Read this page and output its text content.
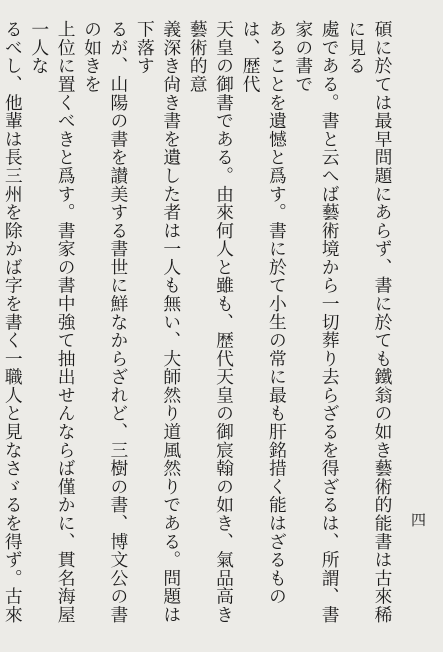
碩に於ては最早問題にあらず、書に於ても鐵翁の如き藝術的能書は古來稀に見る

處である。書と云へば藝術境から一切葬り去らざるを得ざるは、所謂、書家の書で

あることを遺憾と爲す。書に於て小生の常に最も肝銘措く能はざるものは、歴代

天皇の御書である。由來何人と雖も、歴代天皇の御宸翰の如き、氣品高き藝術的意

義深き尙き書を遺した者は一人も無い、大師然り道風然りである。問題は下落す

るが、山陽の書を讃美する書世に鮮なからざれど、三樹の書、博文公の書の如きを

上位に置くべきと爲す。書家の書中強て抽出せんならば僅かに、貫名海屋一人な

るべし、他輩は長三州を除かば字を書く一職人と見なさゞるを得ず。古來

四
